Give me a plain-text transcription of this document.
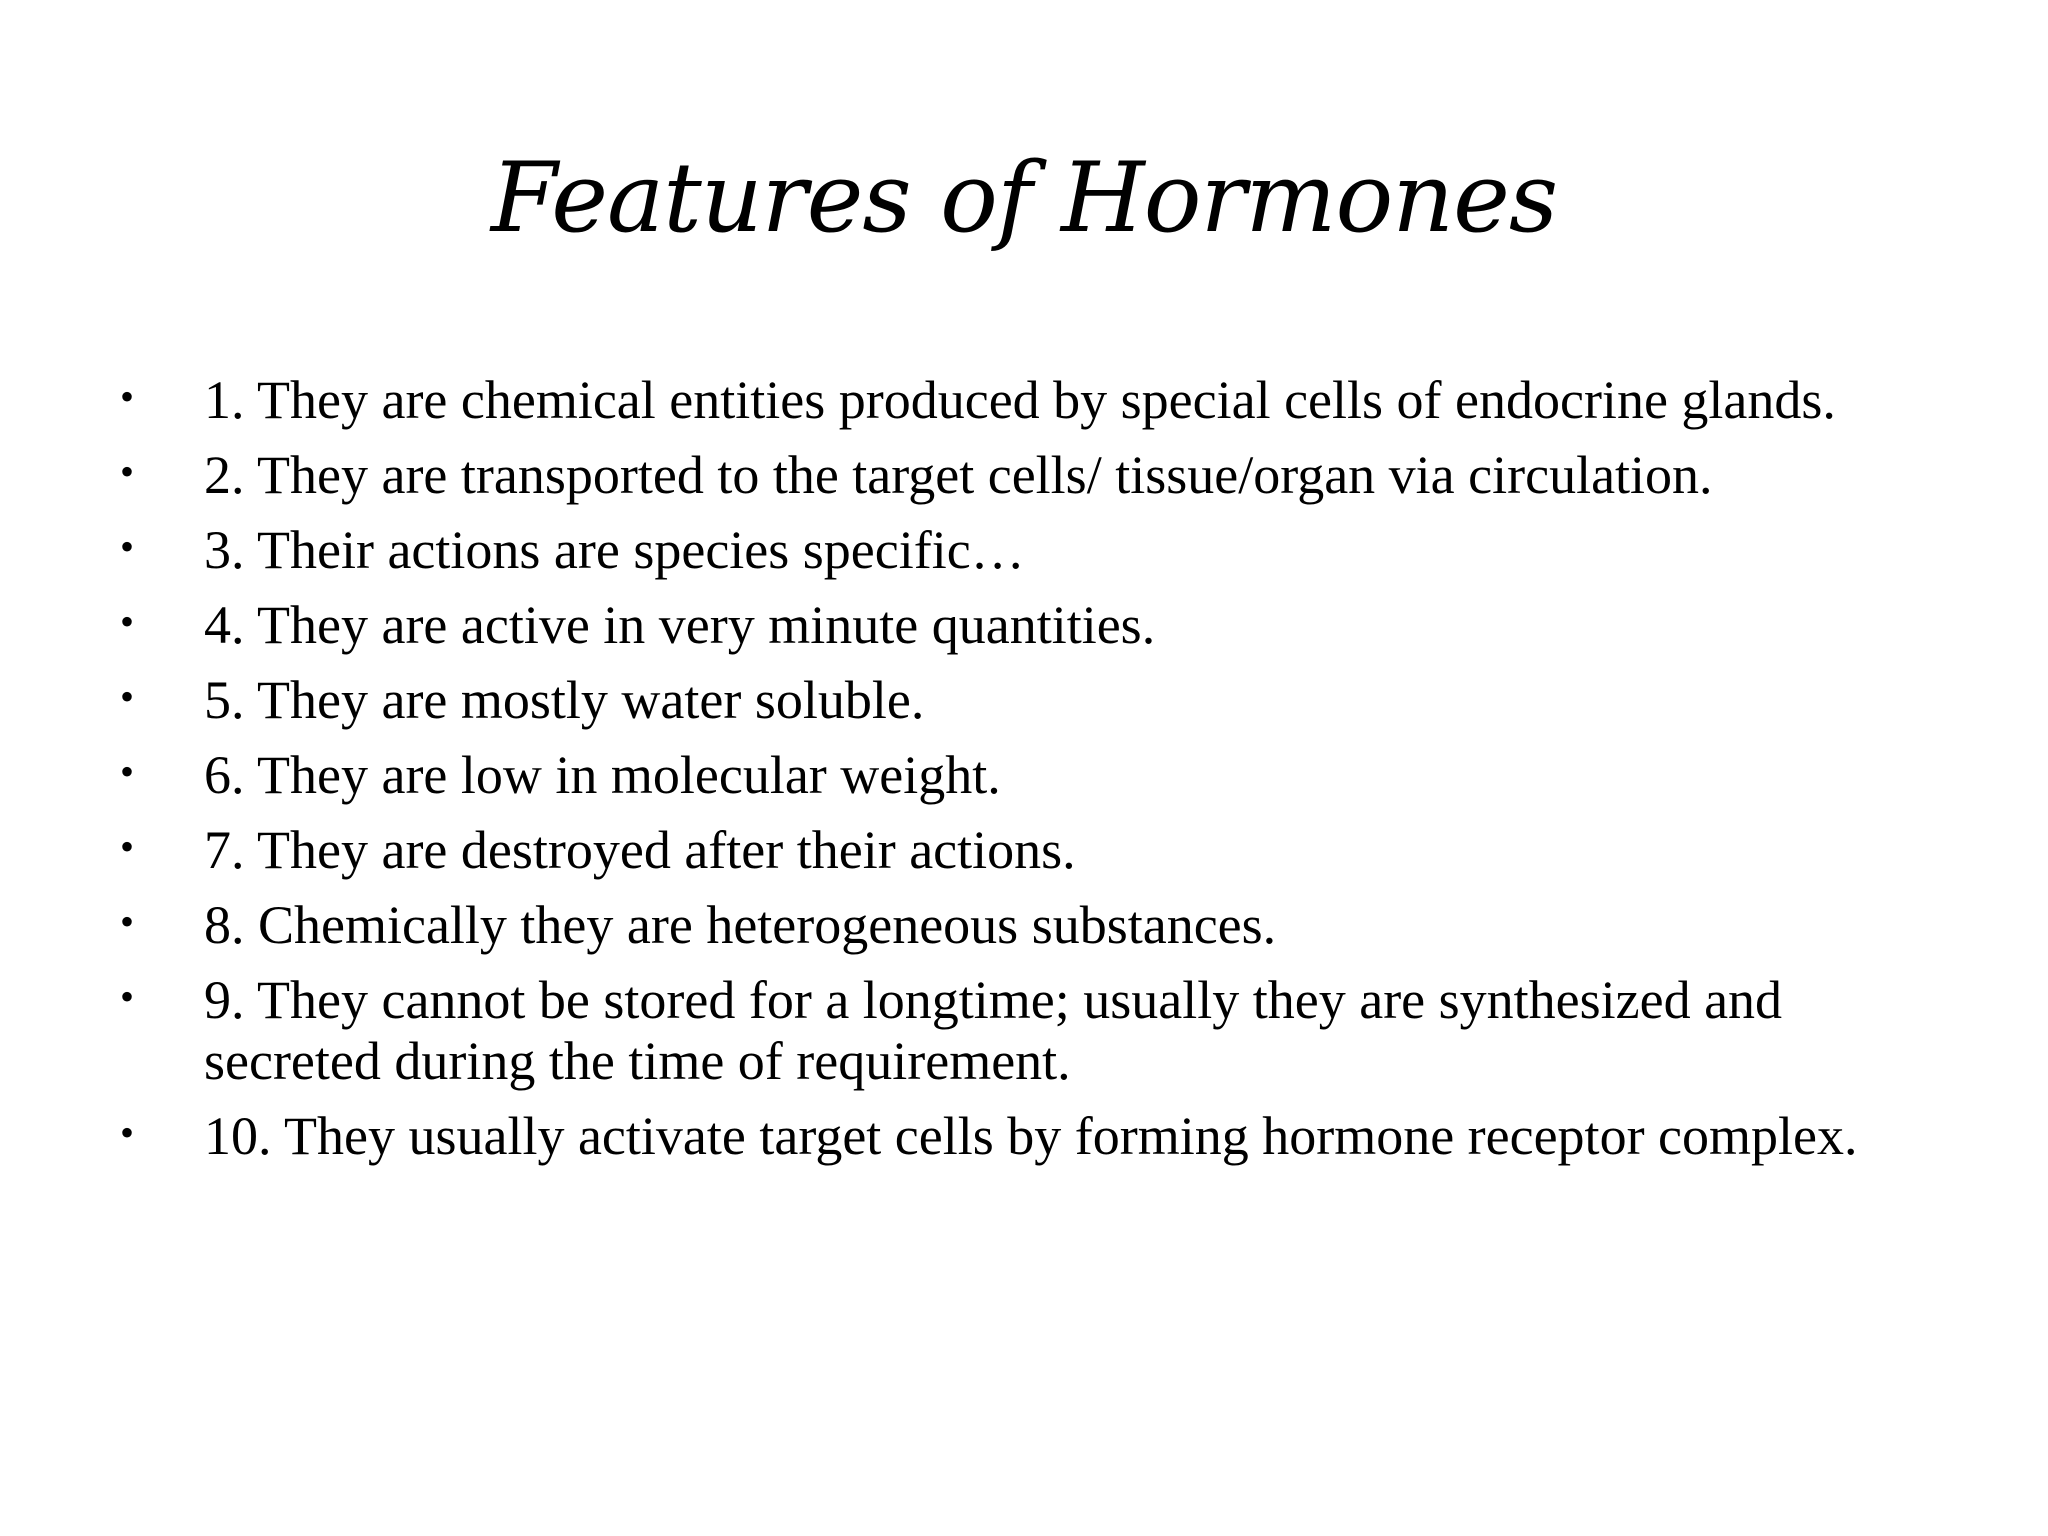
Features of Hormones
• 1. They are chemical entities produced by special cells of endocrine glands.
• 2. They are transported to the target cells/ tissue/organ via circulation.
• 3. Their actions are species specific…
• 4. They are active in very minute quantities.
• 5. They are mostly water soluble.
• 6. They are low in molecular weight.
• 7. They are destroyed after their actions.
• 8. Chemically they are heterogeneous substances.
• 9. They cannot be stored for a longtime; usually they are synthesized and secreted during the time of requirement.
• 10. They usually activate target cells by forming hormone receptor complex.
